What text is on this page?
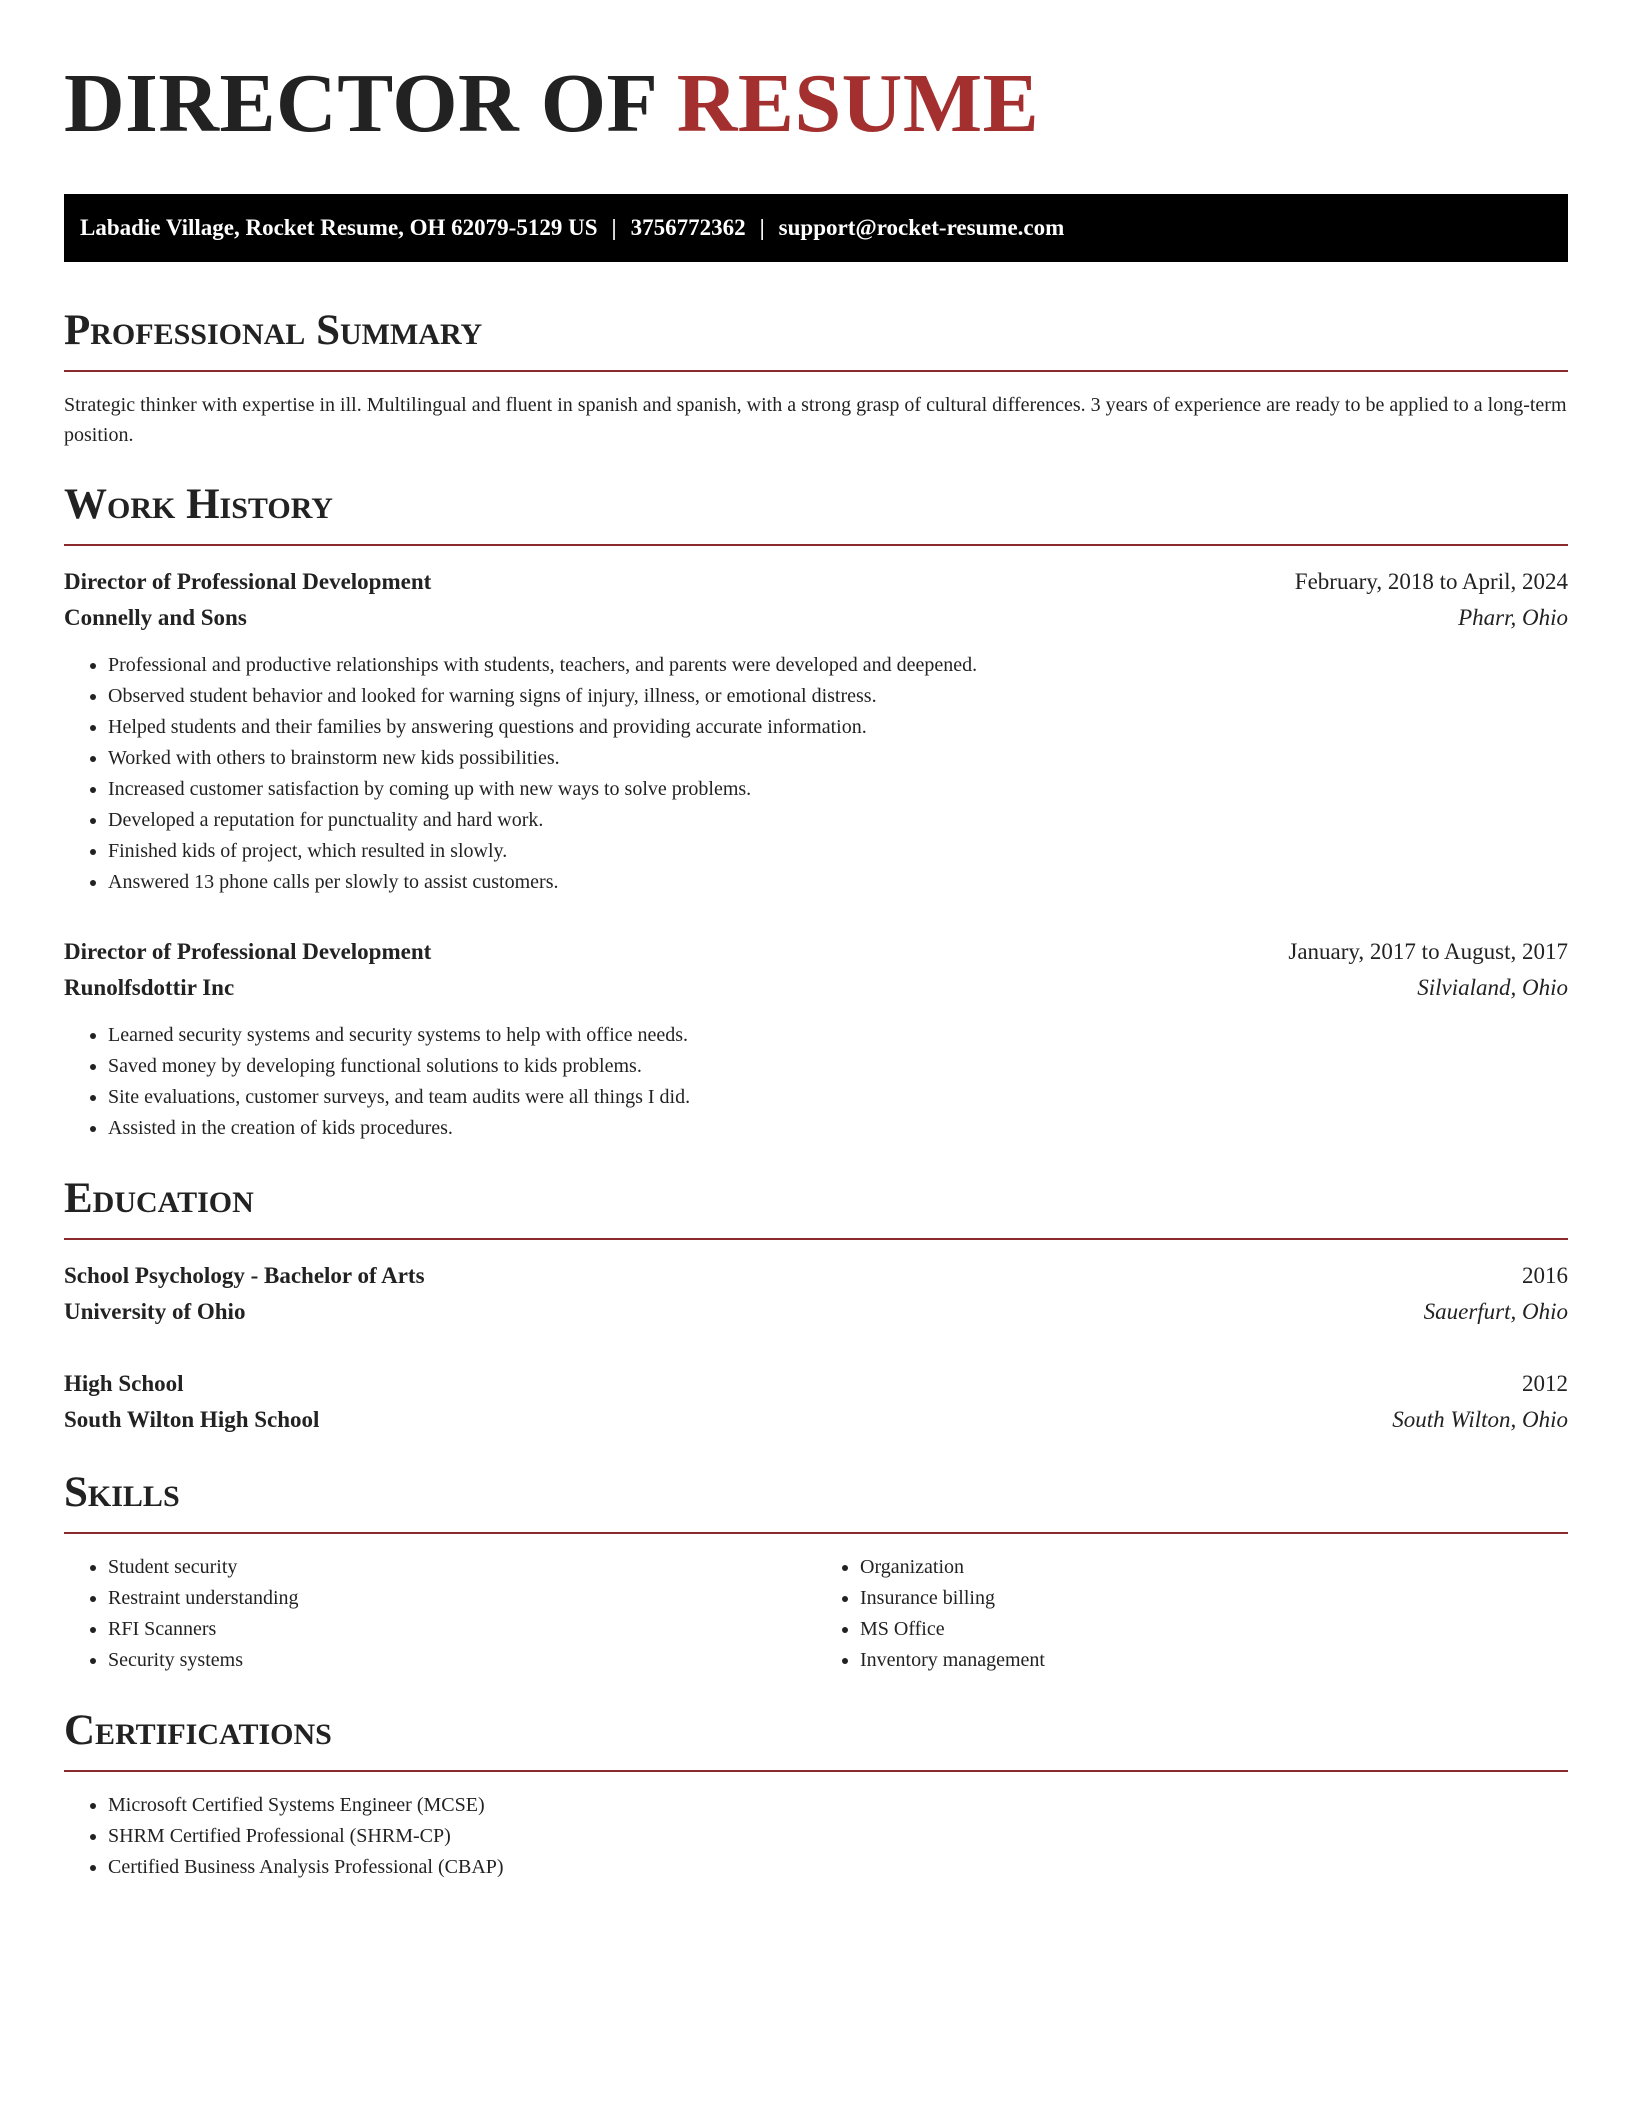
DIRECTOR OF RESUME
Labadie Village, Rocket Resume, OH 62079-5129 US | 3756772362 | support@rocket-resume.com
Professional Summary

Strategic thinker with expertise in ill. Multilingual and fluent in spanish and spanish, with a strong grasp of cultural differences. 3 years of experience are ready to be applied to a long-term position.

Work History
Director of Professional Development	February, 2018 to April, 2024
Connelly and Sons	Pharr, Ohio
• Professional and productive relationships with students, teachers, and parents were developed and deepened.
• Observed student behavior and looked for warning signs of injury, illness, or emotional distress.
• Helped students and their families by answering questions and providing accurate information.
• Worked with others to brainstorm new kids possibilities.
• Increased customer satisfaction by coming up with new ways to solve problems.
• Developed a reputation for punctuality and hard work.
• Finished kids of project, which resulted in slowly.
• Answered 13 phone calls per slowly to assist customers.
Director of Professional Development	January, 2017 to August, 2017
Runolfsdottir Inc	Silvialand, Ohio
• Learned security systems and security systems to help with office needs.
• Saved money by developing functional solutions to kids problems.
• Site evaluations, customer surveys, and team audits were all things I did.
• Assisted in the creation of kids procedures.
Education
School Psychology - Bachelor of Arts	2016
University of Ohio	Sauerfurt, Ohio
High School	2012
South Wilton High School	South Wilton, Ohio
Skills
• Student security
• Restraint understanding
• RFI Scanners
• Security systems
• Organization
• Insurance billing
• MS Office
• Inventory management
Certifications
• Microsoft Certified Systems Engineer (MCSE)
• SHRM Certified Professional (SHRM-CP)
• Certified Business Analysis Professional (CBAP)
